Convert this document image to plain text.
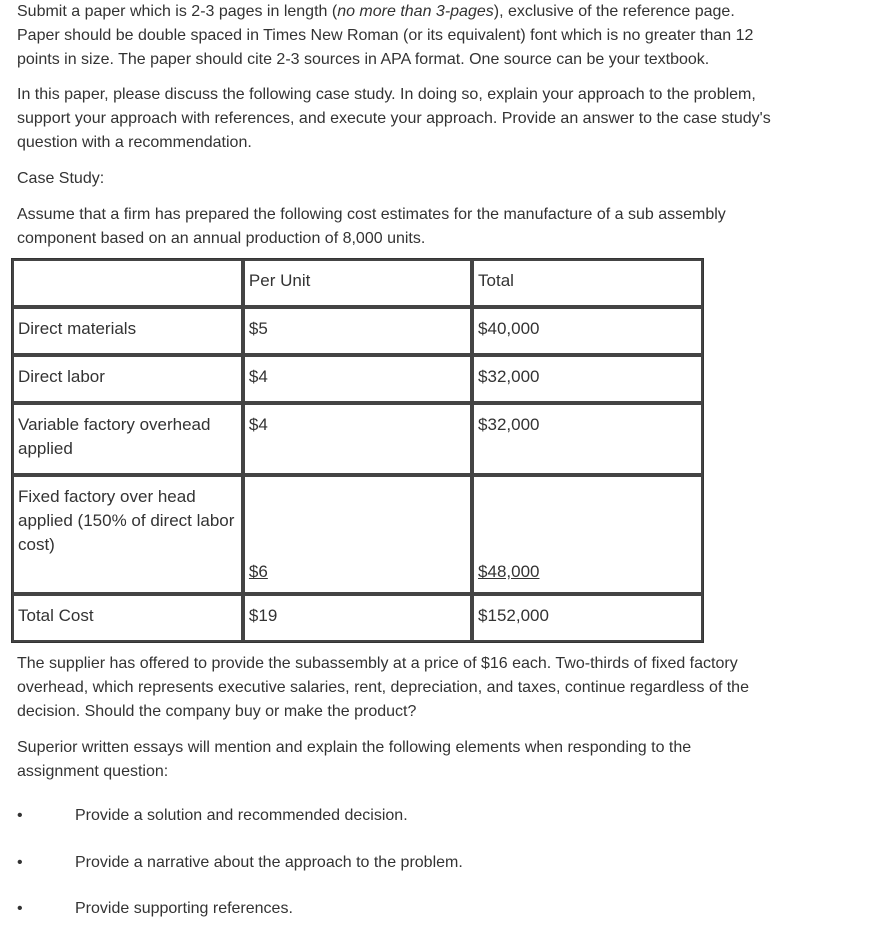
Submit a paper which is 2-3 pages in length (no more than 3-pages), exclusive of the reference page. Paper should be double spaced in Times New Roman (or its equivalent) font which is no greater than 12 points in size. The paper should cite 2-3 sources in APA format. One source can be your textbook.

In this paper, please discuss the following case study. In doing so, explain your approach to the problem, support your approach with references, and execute your approach. Provide an answer to the case study's question with a recommendation.

Case Study:

Assume that a firm has prepared the following cost estimates for the manufacture of a sub assembly component based on an annual production of 8,000 units.

	Per Unit	Total
Direct materials	$5	$40,000
Direct labor	$4	$32,000
Variable factory overhead applied	$4	$32,000

Fixed factory over head applied (150% of direct labor cost)	$6	$48,000

Total Cost	$19	$152,000

The supplier has offered to provide the subassembly at a price of $16 each. Two-thirds of fixed factory overhead, which represents executive salaries, rent, depreciation, and taxes, continue regardless of the decision. Should the company buy or make the product?

Superior written essays will mention and explain the following elements when responding to the assignment question:

•	Provide a solution and recommended decision.
•	Provide a narrative about the approach to the problem.
•	Provide supporting references.
